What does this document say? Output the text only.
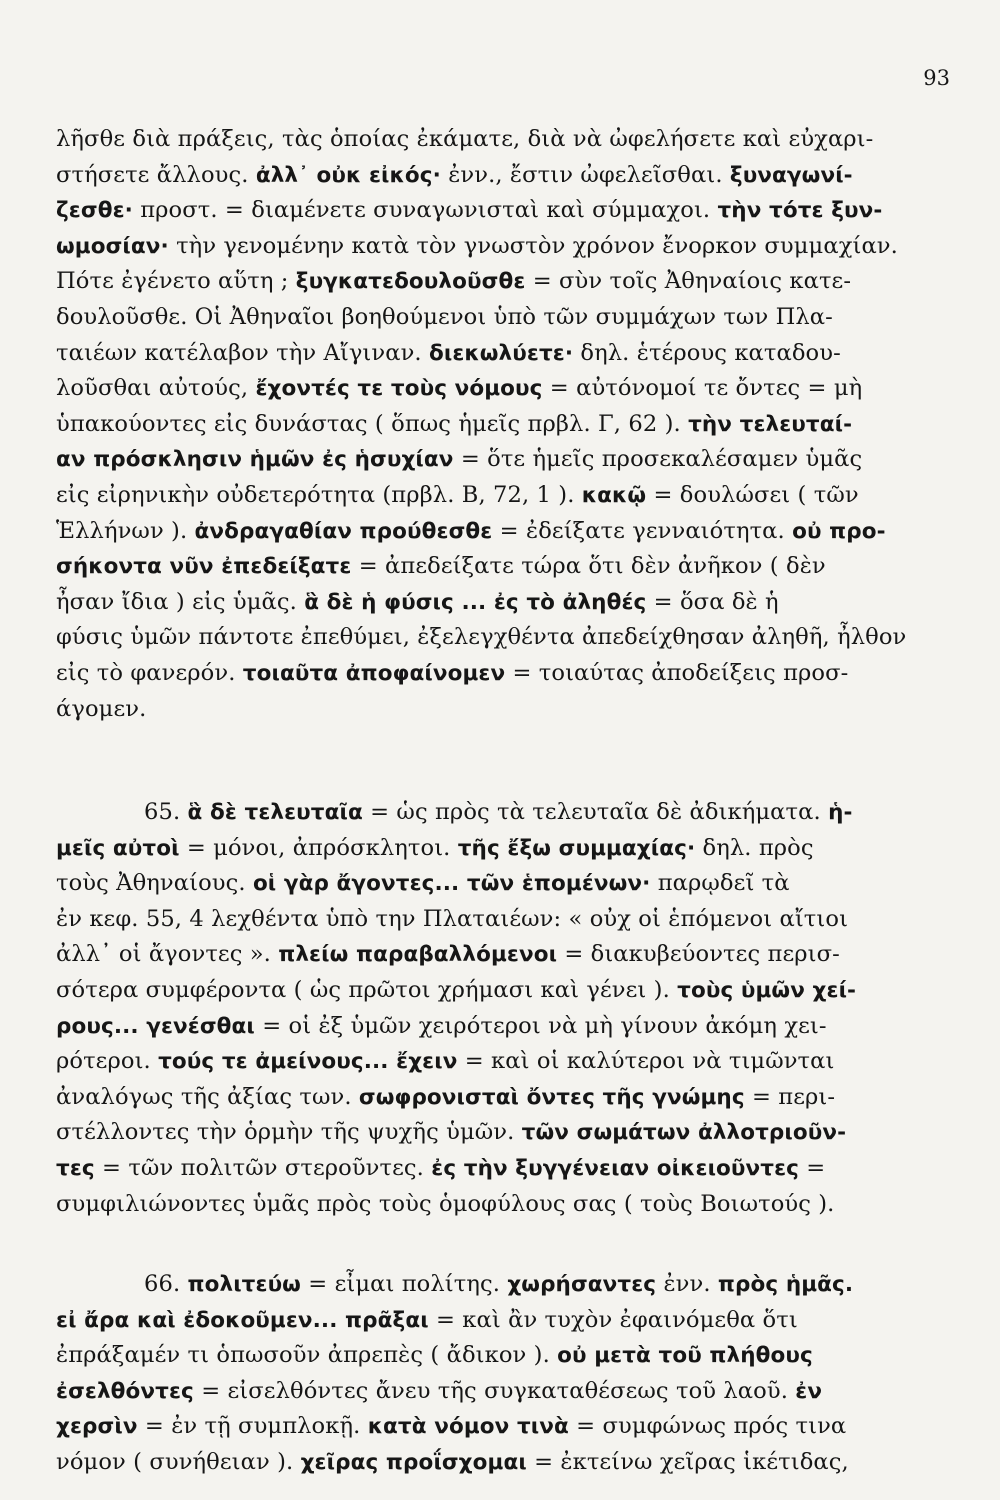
93
λῆσθε διὰ πράξεις, τὰς ὁποίας ἐκάματε, διὰ νὰ ὠφελήσετε καὶ εὐχαρι-
στήσετε ἄλλους. ἀλλ᾽ οὐκ εἰκός· ἐνν., ἔστιν ὠφελεῖσθαι. ξυναγωνί-
ζεσθε· προστ. = διαμένετε συναγωνισταὶ καὶ σύμμαχοι. τὴν τότε ξυν-
ωμοσίαν· τὴν γενομένην κατὰ τὸν γνωστὸν χρόνον ἔνορκον συμμαχίαν.
Πότε ἐγένετο αὕτη ; ξυγκατεδουλοῦσθε = σὺν τοῖς Ἀθηναίοις κατε-
δουλοῦσθε. Οἱ Ἀθηναῖοι βοηθούμενοι ὑπὸ τῶν συμμάχων των Πλα-
ταιέων κατέλαβον τὴν Αἴγιναν. διεκωλύετε· δηλ. ἑτέρους καταδου-
λοῦσθαι αὐτούς, ἔχοντές τε τοὺς νόμους = αὐτόνομοί τε ὄντες = μὴ
ὑπακούοντες εἰς δυνάστας ( ὅπως ἡμεῖς πρβλ. Γ, 62 ). τὴν τελευταί-
αν πρόσκλησιν ἡμῶν ἐς ἡσυχίαν = ὅτε ἡμεῖς προσεκαλέσαμεν ὑμᾶς
εἰς εἰρηνικὴν οὐδετερότητα (πρβλ. Β, 72, 1 ). κακῷ = δουλώσει ( τῶν
Ἑλλήνων ). ἀνδραγαθίαν προύθεσθε = ἐδείξατε γενναιότητα. οὐ προ-
σήκοντα νῦν ἐπεδείξατε = ἀπεδείξατε τώρα ὅτι δὲν ἀνῆκον ( δὲν
ἦσαν ἴδια ) εἰς ὑμᾶς. ἃ δὲ ἡ φύσις ... ἐς τὸ ἀληθές = ὅσα δὲ ἡ
φύσις ὑμῶν πάντοτε ἐπεθύμει, ἐξελεγχθέντα ἀπεδείχθησαν ἀληθῆ, ἦλθον
εἰς τὸ φανερόν. τοιαῦτα ἀποφαίνομεν = τοιαύτας ἀποδείξεις προσ-
άγομεν.
65. ἃ δὲ τελευταῖα = ὡς πρὸς τὰ τελευταῖα δὲ ἀδικήματα. ἡ-
μεῖς αὐτοὶ = μόνοι, ἀπρόσκλητοι. τῆς ἔξω συμμαχίας· δηλ. πρὸς
τοὺς Ἀθηναίους. οἱ γὰρ ἄγοντες... τῶν ἑπομένων· παρῳδεῖ τὰ
ἐν κεφ. 55, 4 λεχθέντα ὑπὸ την Πλαταιέων: « οὐχ οἱ ἑπόμενοι αἴτιοι
ἀλλ᾽ οἱ ἄγοντες ». πλείω παραβαλλόμενοι = διακυβεύοντες περισ-
σότερα συμφέροντα ( ὡς πρῶτοι χρήμασι καὶ γένει ). τοὺς ὑμῶν χεί-
ρους... γενέσθαι = οἱ ἐξ ὑμῶν χειρότεροι νὰ μὴ γίνουν ἀκόμη χει-
ρότεροι. τούς τε ἀμείνους... ἔχειν = καὶ οἱ καλύτεροι νὰ τιμῶνται
ἀναλόγως τῆς ἀξίας των. σωφρονισταὶ ὄντες τῆς γνώμης = περι-
στέλλοντες τὴν ὁρμὴν τῆς ψυχῆς ὑμῶν. τῶν σωμάτων ἀλλοτριοῦν-
τες = τῶν πολιτῶν στεροῦντες. ἐς τὴν ξυγγένειαν οἰκειοῦντες =
συμφιλιώνοντες ὑμᾶς πρὸς τοὺς ὁμοφύλους σας ( τοὺς Βοιωτούς ).
66. πολιτεύω = εἶμαι πολίτης. χωρήσαντες ἐνν. πρὸς ἡμᾶς.
εἰ ἄρα καὶ ἐδοκοῦμεν... πρᾶξαι = καὶ ἂν τυχὸν ἐφαινόμεθα ὅτι
ἐπράξαμέν τι ὁπωσοῦν ἀπρεπὲς ( ἄδικον ). οὐ μετὰ τοῦ πλήθους
ἐσελθόντες = εἰσελθόντες ἄνευ τῆς συγκαταθέσεως τοῦ λαοῦ. ἐν
χερσὶν = ἐν τῇ συμπλοκῇ. κατὰ νόμον τινὰ = συμφώνως πρός τινα
νόμον ( συνήθειαν ). χεῖρας προΐσχομαι = ἐκτείνω χεῖρας ἱκέτιδας,
